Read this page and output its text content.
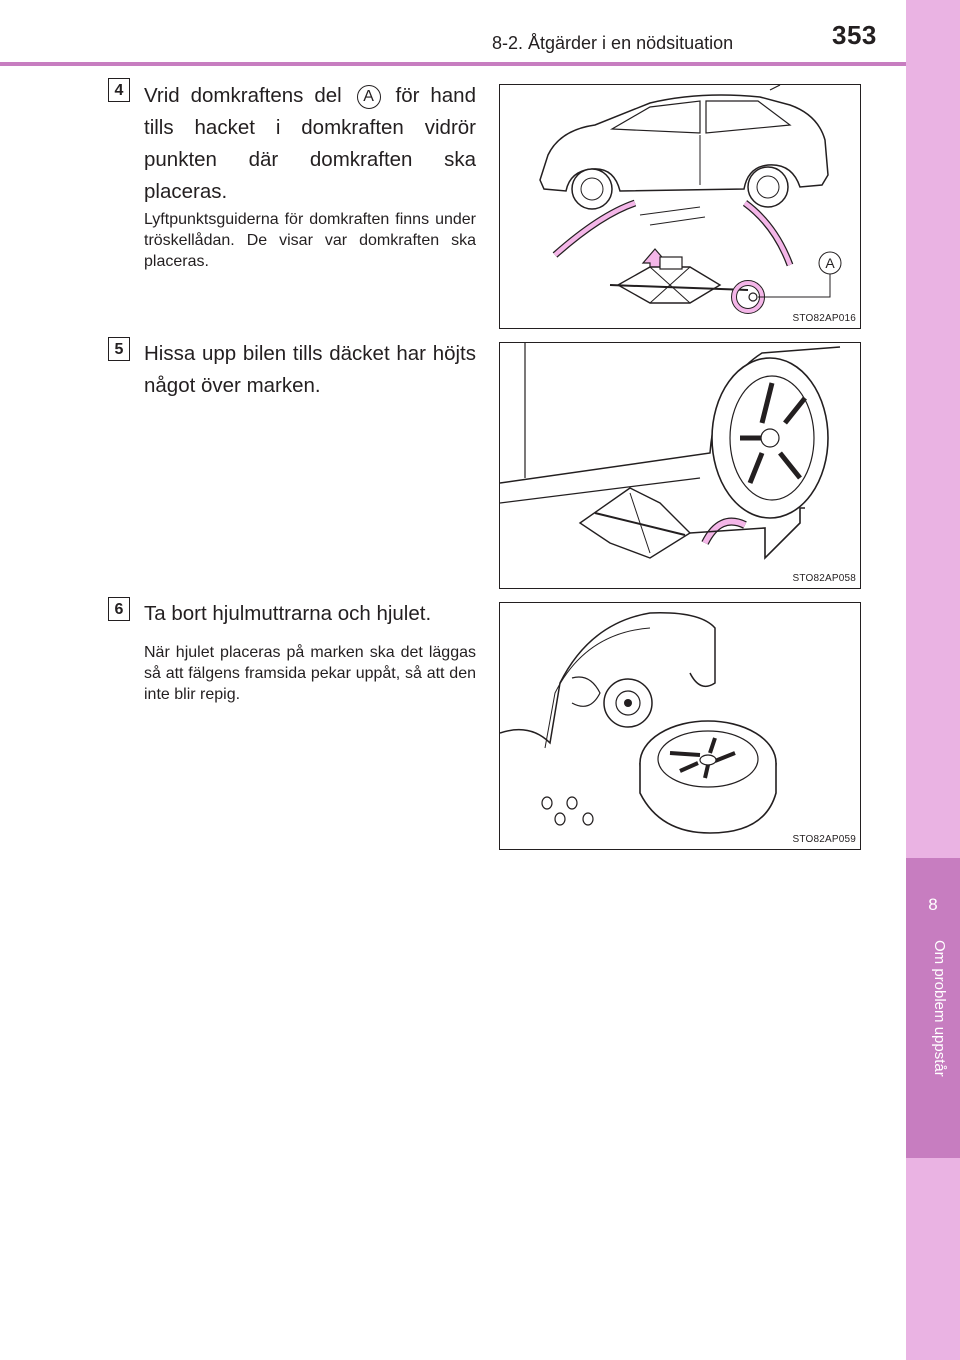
8
Om problem uppstår
8-2. Åtgärder i en nödsituation	353
4	Vrid domkraftens del A för hand tills hacket i domkraften vidrör punkten där domkraften ska placeras.
Lyftpunktsguiderna för domkraften finns under tröskellådan. De visar var domkraften ska placeras.	A
STO82AP016
5	Hissa upp bilen tills däcket har höjts något över marken.
STO82AP058
6	Ta bort hjulmuttrarna och hjulet.
När hjulet placeras på marken ska det läggas så att fälgens framsida pekar uppåt, så att den inte blir repig.
STO82AP059
